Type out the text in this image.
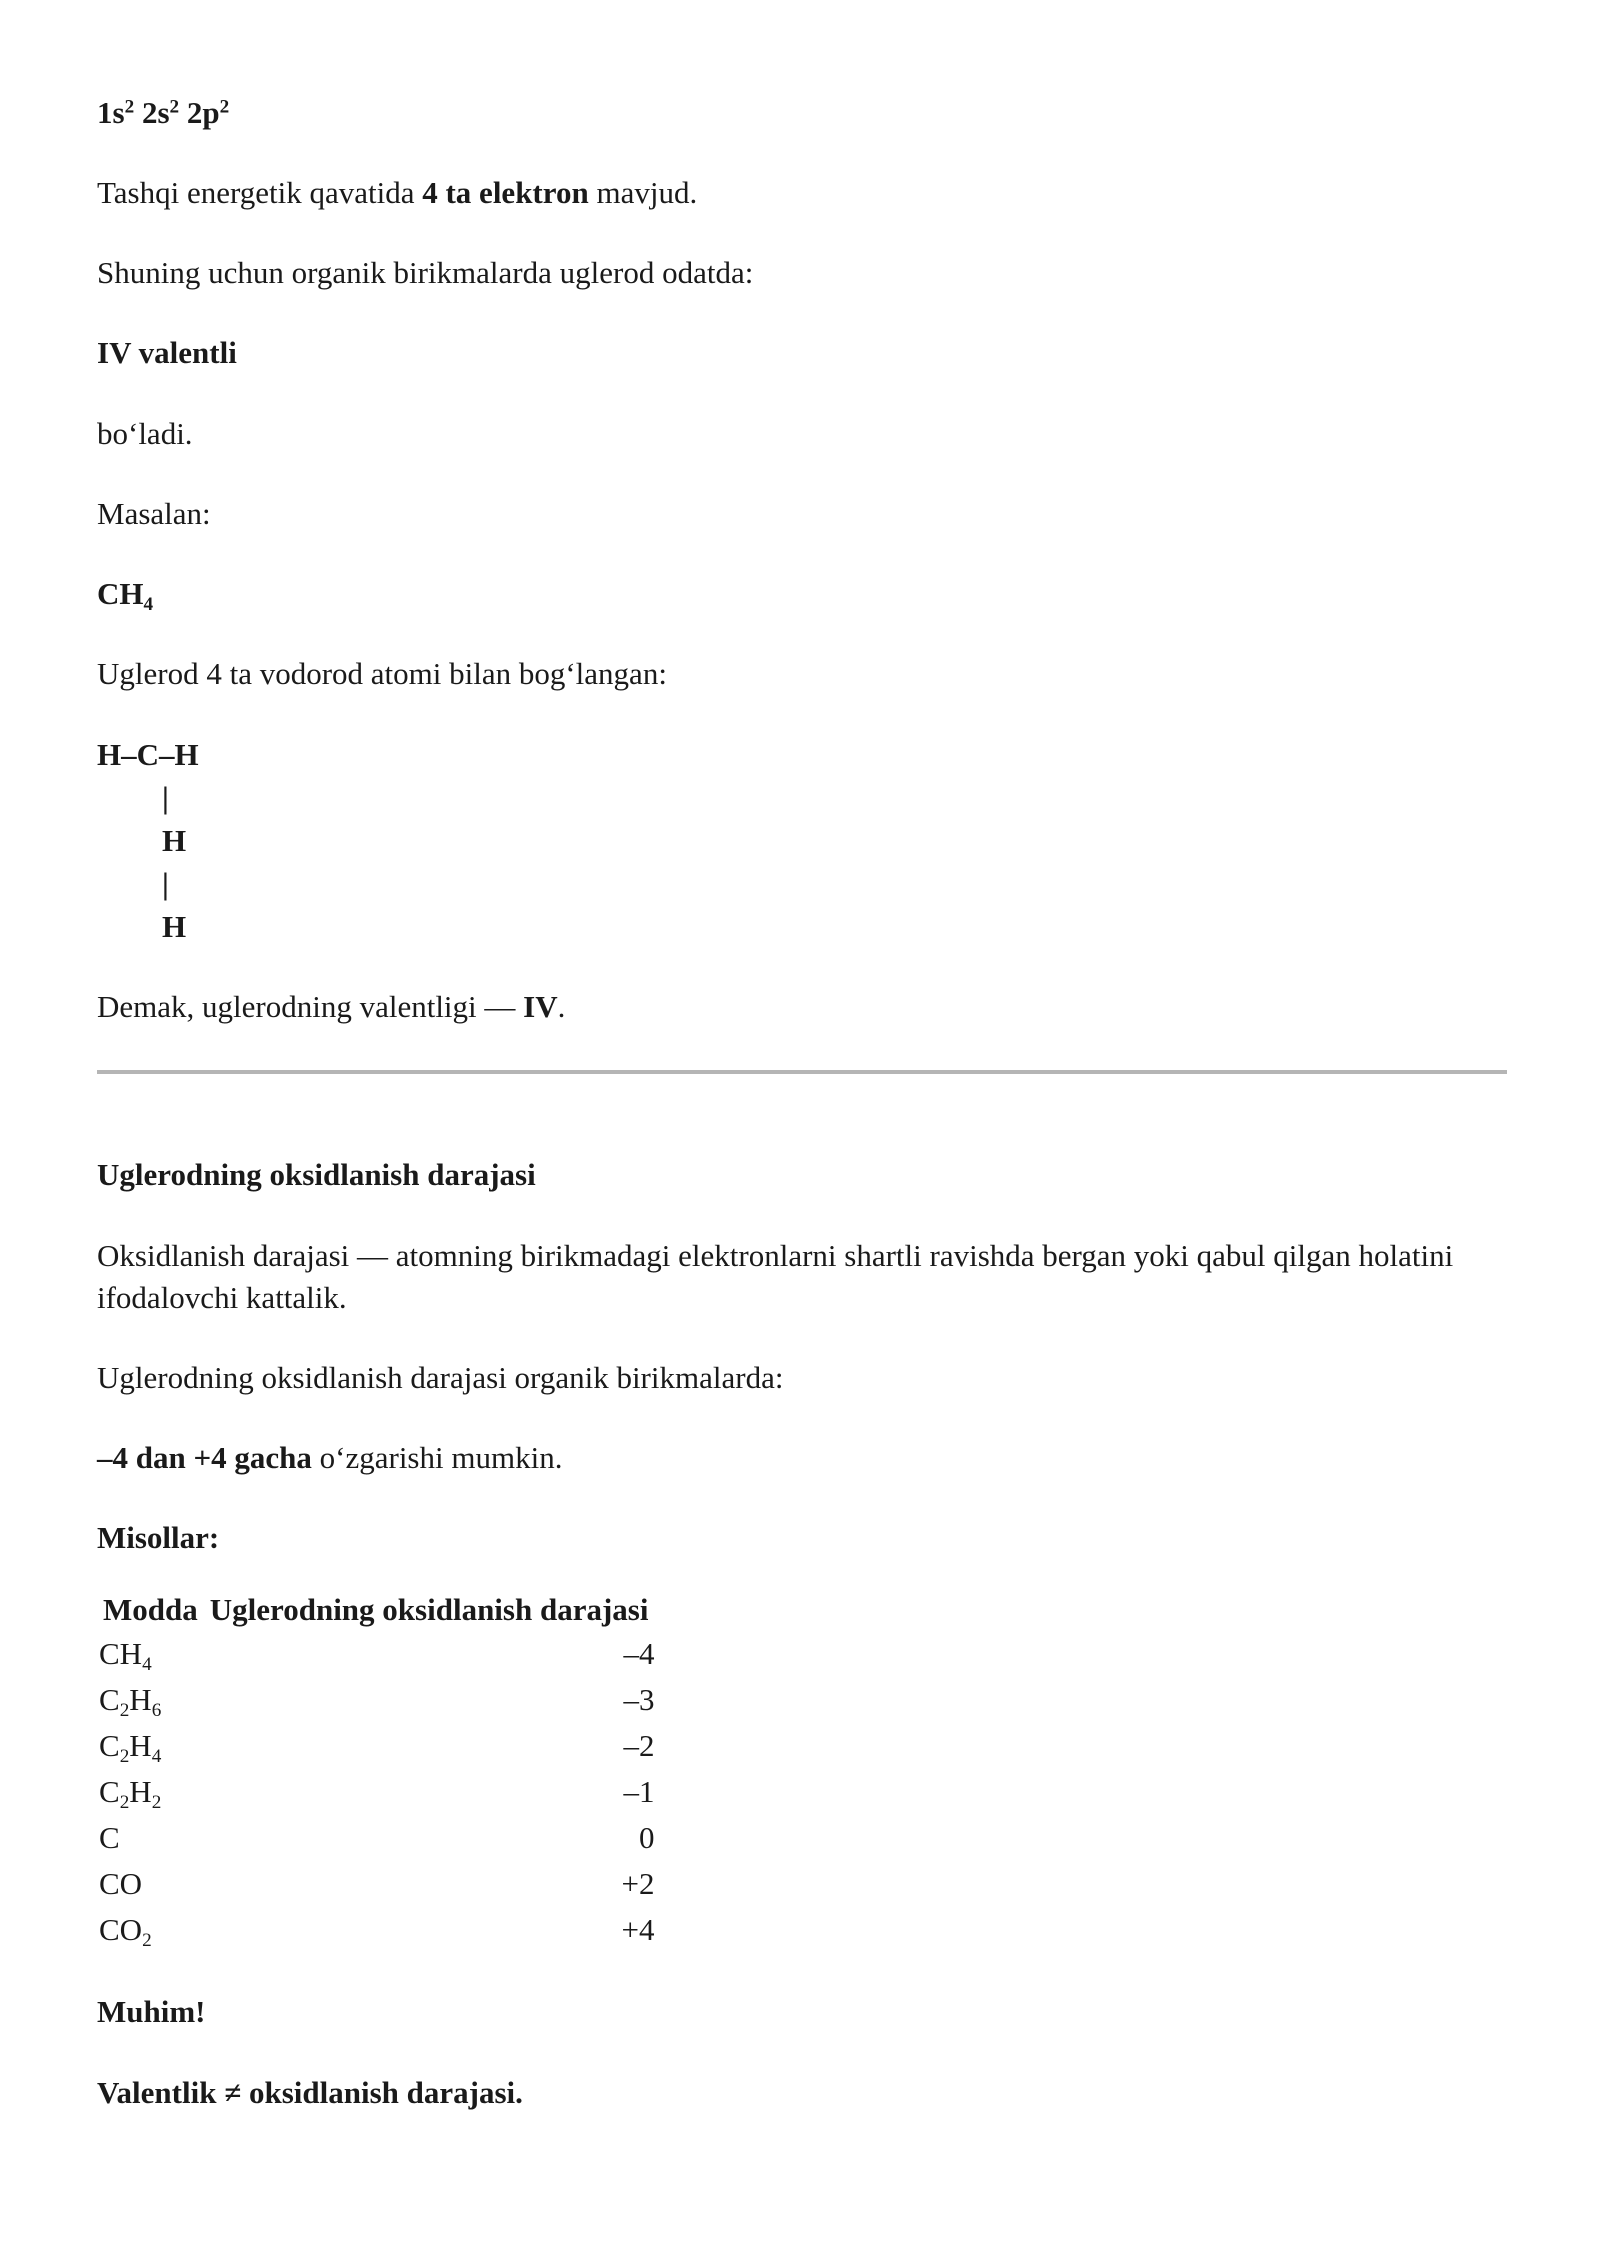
$1s^2$ $2s^2$ $2p^2$

Tashqi energetik qavatida 4 ta elektron mavjud.

Shuning uchun organik birikmalarda uglerod odatda:

IV valentli

bo‘ladi.

Masalan:

$CH_4$

Uglerod 4 ta vodorod atomi bilan bog‘langan:

H–C–H
|
H
|
H

Demak, uglerodning valentligi — IV.

Uglerodning oksidlanish darajasi

Oksidlanish darajasi — atomning birikmadagi elektronlarni shartli ravishda bergan yoki qabul qilgan holatini ifodalovchi kattalik.

Uglerodning oksidlanish darajasi organik birikmalarda:

–4 dan +4 gacha o‘zgarishi mumkin.

Misollar:

Modda	Uglerodning oksidlanish darajasi
$CH_4$	–4
$C_2H_6$	–3
$C_2H_4$	–2
$C_2H_2$	–1
C	0
CO	+2
$CO_2$	+4

Muhim!

Valentlik ≠ oksidlanish darajasi.
